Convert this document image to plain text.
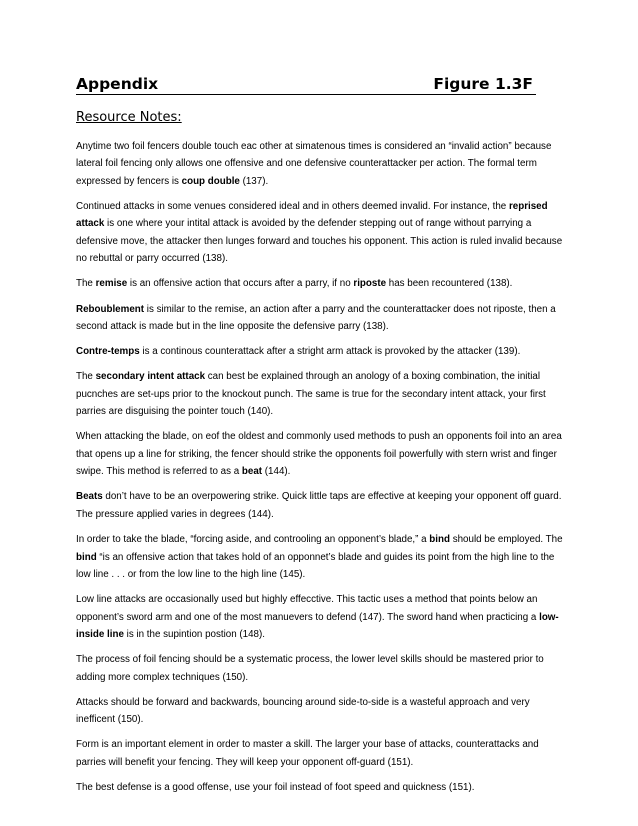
Appendix	Figure 1.3F
Resource Notes:

Anytime two foil fencers double touch eac other at simatenous times is considered an “invalid action” because lateral foil fencing only allows one offensive and one defensive counterattacker per action. The formal term expressed by fencers is coup double (137).

Continued attacks in some venues considered ideal and in others deemed invalid. For instance, the reprised attack is one where your intital attack is avoided by the defender stepping out of range without parrying a defensive move, the attacker then lunges forward and touches his opponent. This action is ruled invalid because no rebuttal or parry occurred (138).

The remise is an offensive action that occurs after a parry, if no riposte has been recountered (138).

Reboublement is similar to the remise, an action after a parry and the counterattacker does not riposte, then a second attack is made but in the line opposite the defensive parry (138).

Contre-temps is a continous counterattack after a stright arm attack is provoked by the attacker (139).

The secondary intent attack can best be explained through an anology of a boxing combination, the initial pucnches are set-ups prior to the knockout punch. The same is true for the secondary intent attack, your first parries are disguising the pointer touch (140).

When attacking the blade, on eof the oldest and commonly used methods to push an opponents foil into an area that opens up a line for striking, the fencer should strike the opponents foil powerfully with stern wrist and finger swipe. This method is referred to as a beat (144).

Beats don’t have to be an overpowering strike. Quick little taps are effective at keeping your opponent off guard. The pressure applied varies in degrees (144).

In order to take the blade, “forcing aside, and controoling an opponent’s blade,” a bind should be employed. The bind “is an offensive action that takes hold of an opponnet’s blade and guides its point from the high line to the low line . . . or from the low line to the high line (145).

Low line attacks are occasionally used but highly effecctive. This tactic uses a method that points below an opponent’s sword arm and one of the most manuevers to defend (147). The sword hand when practicing a low-inside line is in the supintion postion (148).

The process of foil fencing should be a systematic process, the lower level skills should be mastered prior to adding more complex techniques (150).

Attacks should be forward and backwards, bouncing around side-to-side is a wasteful approach and very inefficent (150).

Form is an important element in order to master a skill. The larger your base of attacks, counterattacks and parries will benefit your fencing. They will keep your opponent off-guard (151).

The best defense is a good offense, use your foil instead of foot speed and quickness (151).
